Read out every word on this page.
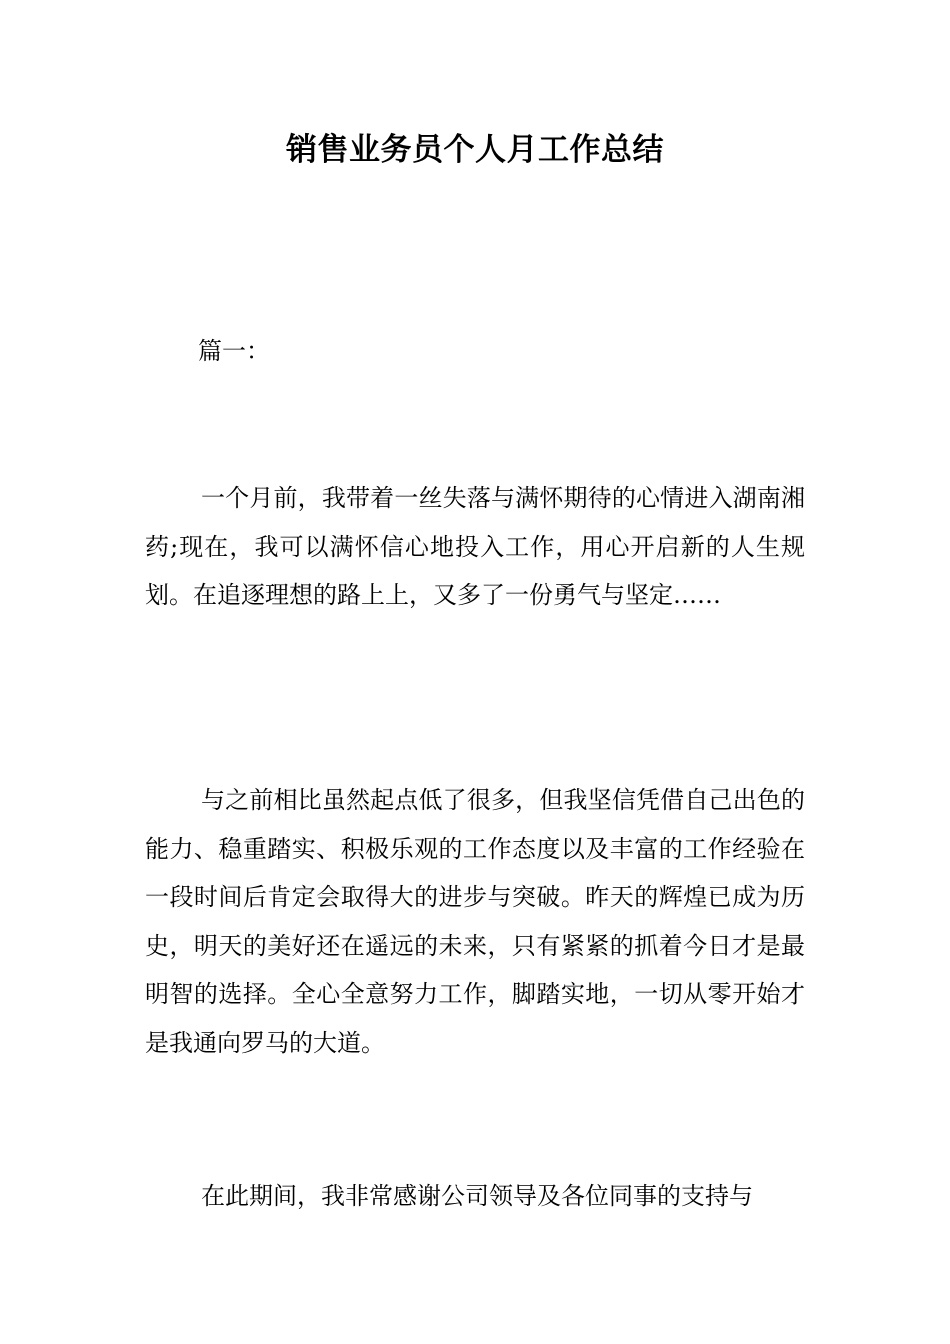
销售业务员个人月工作总结
篇一：

一个月前，我带着一丝失落与满怀期待的心情进入湖南湘药;现在，我可以满怀信心地投入工作，用心开启新的人生规划。在追逐理想的路上上，又多了一份勇气与坚定……

与之前相比虽然起点低了很多，但我坚信凭借自己出色的能力、稳重踏实、积极乐观的工作态度以及丰富的工作经验在一段时间后肯定会取得大的进步与突破。昨天的辉煌已成为历史，明天的美好还在遥远的未来，只有紧紧的抓着今日才是最明智的选择。全心全意努力工作，脚踏实地，一切从零开始才是我通向罗马的大道。

在此期间，我非常感谢公司领导及各位同事的支持与
